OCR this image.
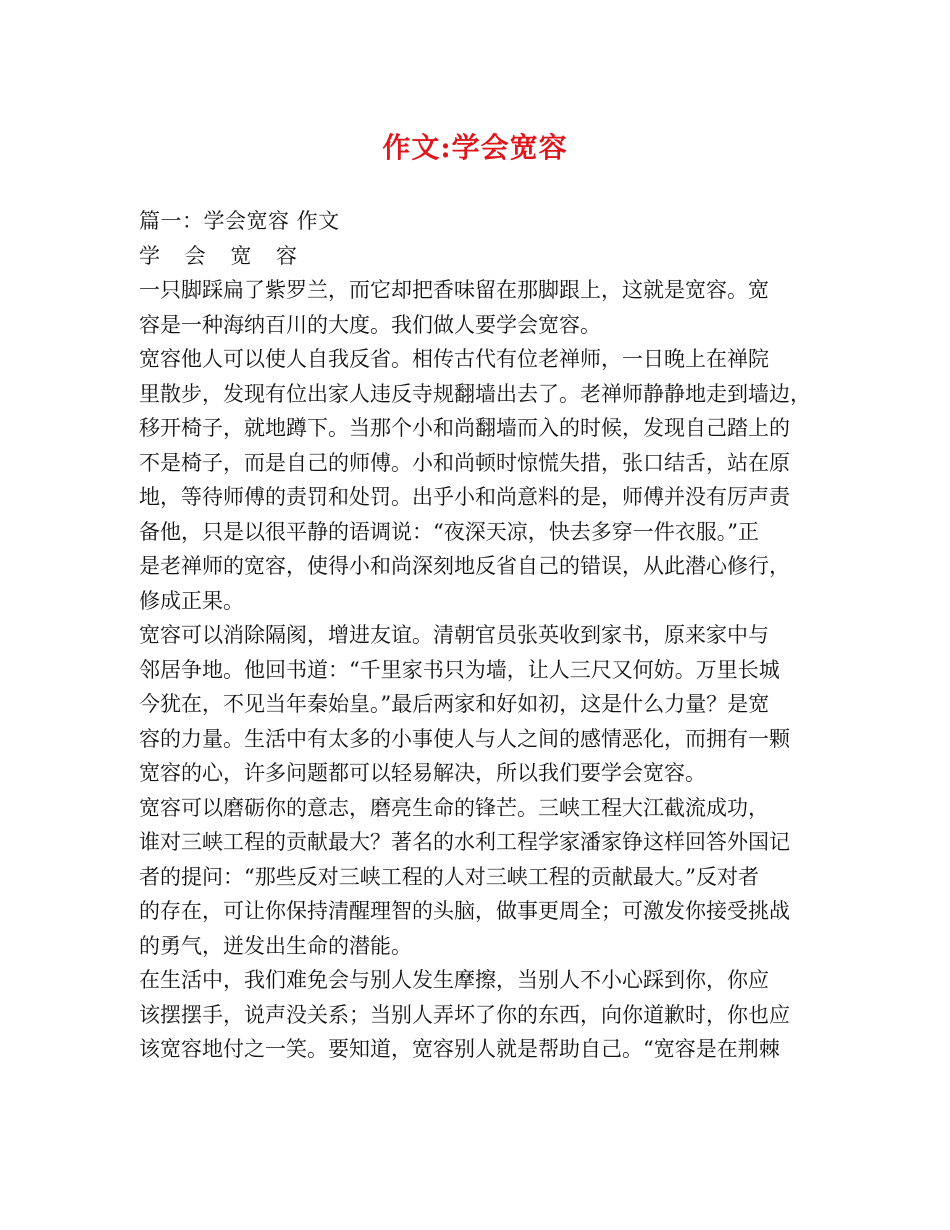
作文:学会宽容
篇一：学会宽容 作文
学 会 宽 容
一只脚踩扁了紫罗兰，而它却把香味留在那脚跟上，这就是宽容。宽
容是一种海纳百川的大度。我们做人要学会宽容。
宽容他人可以使人自我反省。相传古代有位老禅师，一日晚上在禅院
里散步，发现有位出家人违反寺规翻墙出去了。老禅师静静地走到墙边，
移开椅子，就地蹲下。当那个小和尚翻墙而入的时候，发现自己踏上的
不是椅子，而是自己的师傅。小和尚顿时惊慌失措，张口结舌，站在原
地，等待师傅的责罚和处罚。出乎小和尚意料的是，师傅并没有厉声责
备他，只是以很平静的语调说：“夜深天凉，快去多穿一件衣服。”正
是老禅师的宽容，使得小和尚深刻地反省自己的错误，从此潜心修行，
修成正果。
宽容可以消除隔阂，增进友谊。清朝官员张英收到家书，原来家中与
邻居争地。他回书道：“千里家书只为墙，让人三尺又何妨。万里长城
今犹在，不见当年秦始皇。”最后两家和好如初，这是什么力量？是宽
容的力量。生活中有太多的小事使人与人之间的感情恶化，而拥有一颗
宽容的心，许多问题都可以轻易解决，所以我们要学会宽容。
宽容可以磨砺你的意志，磨亮生命的锋芒。三峡工程大江截流成功，
谁对三峡工程的贡献最大？著名的水利工程学家潘家铮这样回答外国记
者的提问：“那些反对三峡工程的人对三峡工程的贡献最大。”反对者
的存在，可让你保持清醒理智的头脑，做事更周全；可激发你接受挑战
的勇气，迸发出生命的潜能。
在生活中，我们难免会与别人发生摩擦，当别人不小心踩到你，你应
该摆摆手，说声没关系；当别人弄坏了你的东西，向你道歉时，你也应
该宽容地付之一笑。要知道，宽容别人就是帮助自己。“宽容是在荆棘
